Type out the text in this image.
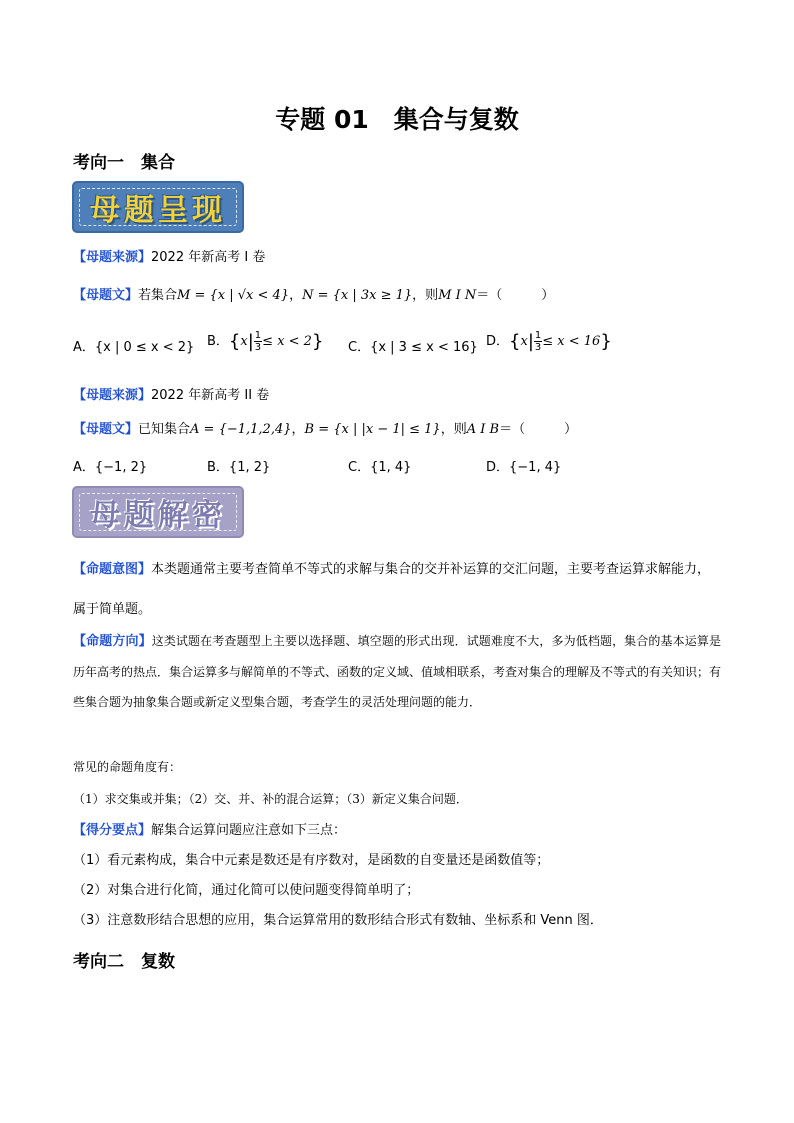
专题 01　集合与复数
考向一　集合
母题呈现
【母题来源】2022 年新高考 I 卷
【母题文】若集合M = {x | √x < 4}，N = {x | 3x ≥ 1}，则M I N＝（　　　）
A．{x | 0 ≤ x < 2} B．$\{x| \frac{1}{3} \le x < 2\}$ C．{x | 3 ≤ x < 16} D．$\{x| \frac{1}{3} \le x < 16\}$
【母题来源】2022 年新高考 II 卷
【母题文】已知集合A = {−1,1,2,4}，B = {x | |x − 1| ≤ 1}，则A I B＝（　　　）
A．{−1, 2}	B．{1, 2}	C．{1, 4}	D．{−1, 4}
母题解密
【命题意图】本类题通常主要考查简单不等式的求解与集合的交并补运算的交汇问题，主要考查运算求解能力，属于简单题。
【命题方向】这类试题在考查题型上主要以选择题、填空题的形式出现．试题难度不大，多为低档题，集合的基本运算是历年高考的热点．集合运算多与解简单的不等式、函数的定义域、值域相联系，考查对集合的理解及不等式的有关知识；有些集合题为抽象集合题或新定义型集合题，考查学生的灵活处理问题的能力．
常见的命题角度有：
（1）求交集或并集；（2）交、并、补的混合运算；（3）新定义集合问题．
【得分要点】解集合运算问题应注意如下三点：
（1）看元素构成，集合中元素是数还是有序数对，是函数的自变量还是函数值等；
（2）对集合进行化简，通过化简可以使问题变得简单明了；
（3）注意数形结合思想的应用，集合运算常用的数形结合形式有数轴、坐标系和 Venn 图．
考向二　复数
